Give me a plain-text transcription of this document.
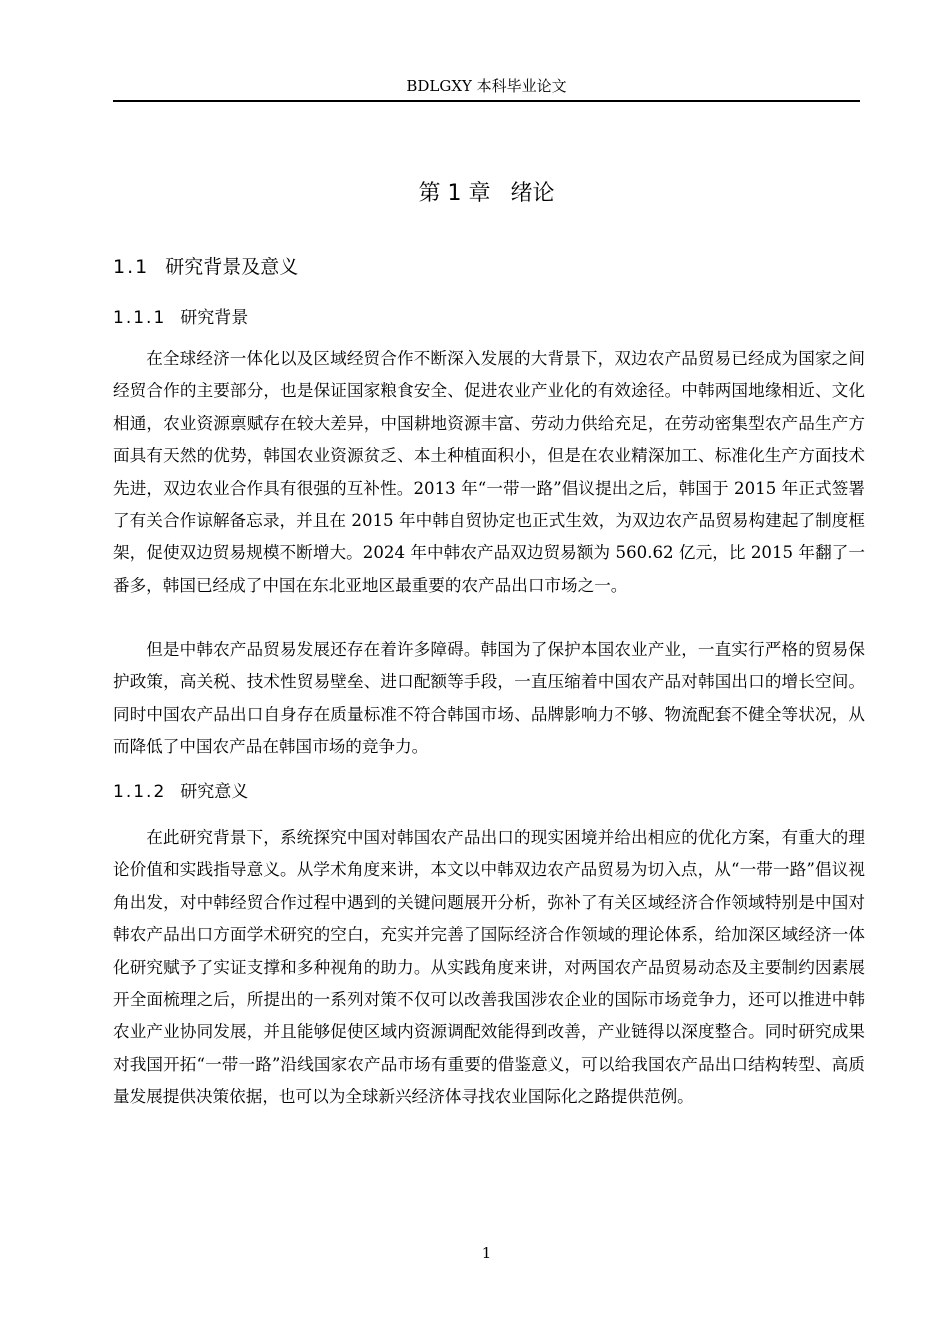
BDLGXY 本科毕业论文
第 1 章 绪论
1.1 研究背景及意义
1.1.1 研究背景

在全球经济一体化以及区域经贸合作不断深入发展的大背景下，双边农产品贸易已经成为国家之间经贸合作的主要部分，也是保证国家粮食安全、促进农业产业化的有效途径。中韩两国地缘相近、文化相通，农业资源禀赋存在较大差异，中国耕地资源丰富、劳动力供给充足，在劳动密集型农产品生产方面具有天然的优势，韩国农业资源贫乏、本土种植面积小，但是在农业精深加工、标准化生产方面技术先进，双边农业合作具有很强的互补性。2013 年“一带一路”倡议提出之后，韩国于 2015 年正式签署了有关合作谅解备忘录，并且在 2015 年中韩自贸协定也正式生效，为双边农产品贸易构建起了制度框架，促使双边贸易规模不断增大。2024 年中韩农产品双边贸易额为 560.62 亿元，比 2015 年翻了一番多，韩国已经成了中国在东北亚地区最重要的农产品出口市场之一。

但是中韩农产品贸易发展还存在着许多障碍。韩国为了保护本国农业产业，一直实行严格的贸易保护政策，高关税、技术性贸易壁垒、进口配额等手段，一直压缩着中国农产品对韩国出口的增长空间。同时中国农产品出口自身存在质量标准不符合韩国市场、品牌影响力不够、物流配套不健全等状况，从而降低了中国农产品在韩国市场的竞争力。

1.1.2 研究意义

在此研究背景下，系统探究中国对韩国农产品出口的现实困境并给出相应的优化方案，有重大的理论价值和实践指导意义。从学术角度来讲，本文以中韩双边农产品贸易为切入点，从“一带一路”倡议视角出发，对中韩经贸合作过程中遇到的关键问题展开分析，弥补了有关区域经济合作领域特别是中国对韩农产品出口方面学术研究的空白，充实并完善了国际经济合作领域的理论体系，给加深区域经济一体化研究赋予了实证支撑和多种视角的助力。从实践角度来讲，对两国农产品贸易动态及主要制约因素展开全面梳理之后，所提出的一系列对策不仅可以改善我国涉农企业的国际市场竞争力，还可以推进中韩农业产业协同发展，并且能够促使区域内资源调配效能得到改善，产业链得以深度整合。同时研究成果对我国开拓“一带一路”沿线国家农产品市场有重要的借鉴意义，可以给我国农产品出口结构转型、高质量发展提供决策依据，也可以为全球新兴经济体寻找农业国际化之路提供范例。

1
